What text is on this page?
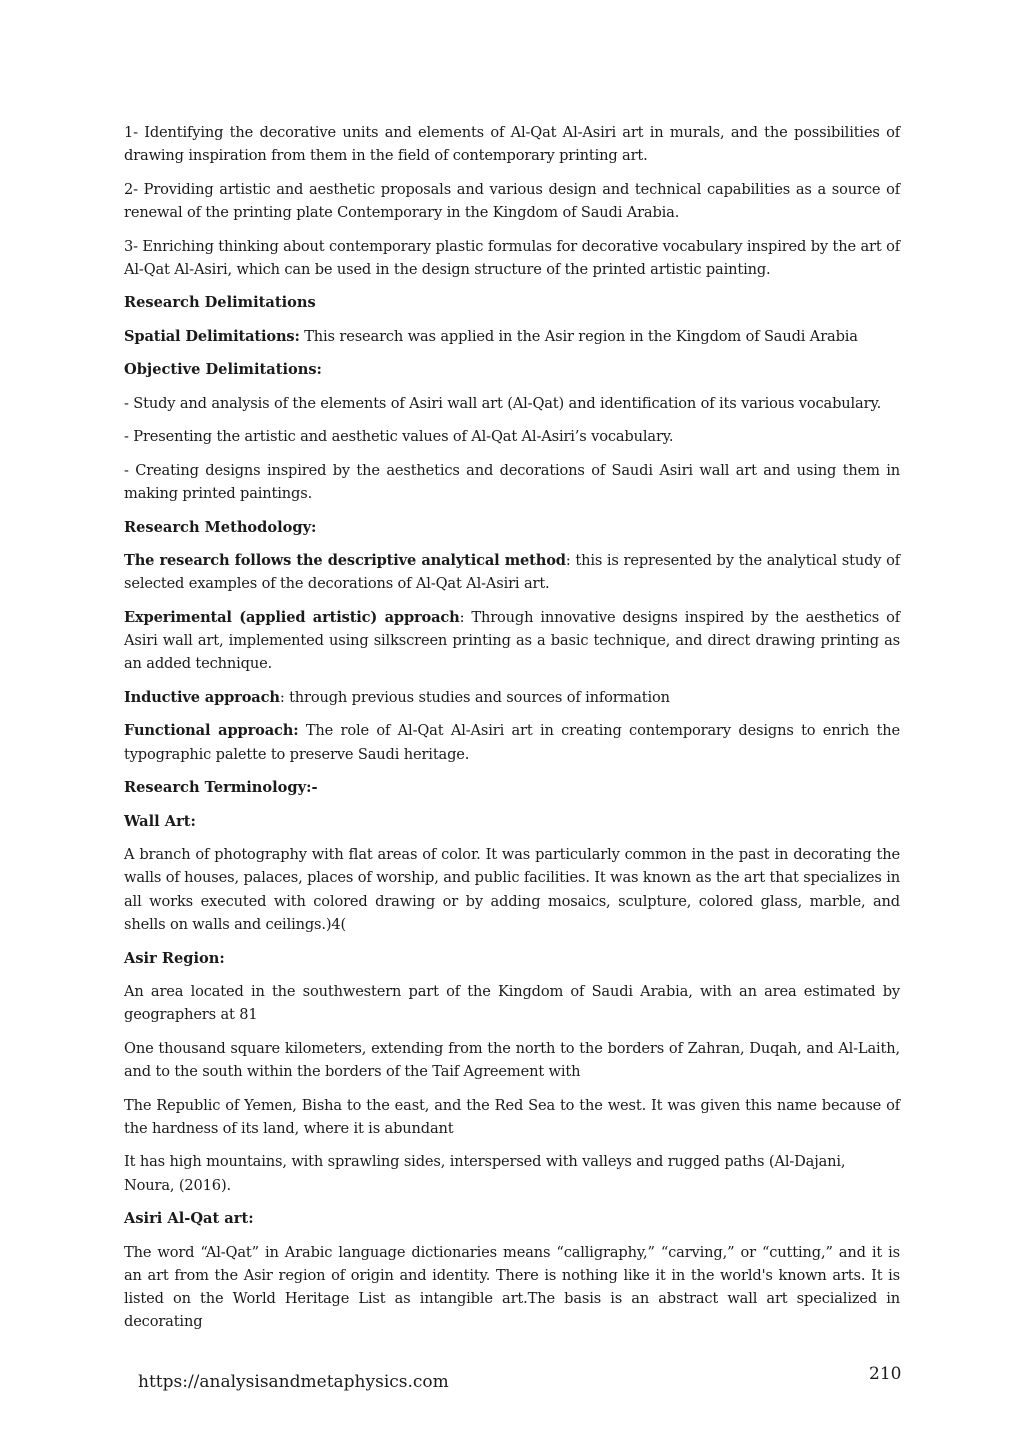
1- Identifying the decorative units and elements of Al-Qat Al-Asiri art in murals, and the possibilities of drawing inspiration from them in the field of contemporary printing art.

2- Providing artistic and aesthetic proposals and various design and technical capabilities as a source of renewal of the printing plate Contemporary in the Kingdom of Saudi Arabia.

3- Enriching thinking about contemporary plastic formulas for decorative vocabulary inspired by the art of Al-Qat Al-Asiri, which can be used in the design structure of the printed artistic painting.

Research Delimitations

Spatial Delimitations: This research was applied in the Asir region in the Kingdom of Saudi Arabia

Objective Delimitations:

- Study and analysis of the elements of Asiri wall art (Al-Qat) and identification of its various vocabulary.

- Presenting the artistic and aesthetic values of Al-Qat Al-Asiri’s vocabulary.

- Creating designs inspired by the aesthetics and decorations of Saudi Asiri wall art and using them in making printed paintings.

Research Methodology:

The research follows the descriptive analytical method: this is represented by the analytical study of selected examples of the decorations of Al-Qat Al-Asiri art.

Experimental (applied artistic) approach: Through innovative designs inspired by the aesthetics of Asiri wall art, implemented using silkscreen printing as a basic technique, and direct drawing printing as an added technique.

Inductive approach: through previous studies and sources of information

Functional approach: The role of Al-Qat Al-Asiri art in creating contemporary designs to enrich the typographic palette to preserve Saudi heritage.

Research Terminology:-

Wall Art:

A branch of photography with flat areas of color. It was particularly common in the past in decorating the walls of houses, palaces, places of worship, and public facilities. It was known as the art that specializes in all works executed with colored drawing or by adding mosaics, sculpture, colored glass, marble, and shells on walls and ceilings.)4(

Asir Region:

An area located in the southwestern part of the Kingdom of Saudi Arabia, with an area estimated by geographers at 81

One thousand square kilometers, extending from the north to the borders of Zahran, Duqah, and Al-Laith, and to the south within the borders of the Taif Agreement with

The Republic of Yemen, Bisha to the east, and the Red Sea to the west. It was given this name because of the hardness of its land, where it is abundant

It has high mountains, with sprawling sides, interspersed with valleys and rugged paths (Al-Dajani, Noura, (2016).

Asiri Al-Qat art:

The word “Al-Qat” in Arabic language dictionaries means “calligraphy,” “carving,” or “cutting,” and it is an art from the Asir region of origin and identity. There is nothing like it in the world's known arts. It is listed on the World Heritage List as intangible art.The basis is an abstract wall art specialized in decorating

https://analysisandmetaphysics.com	210
